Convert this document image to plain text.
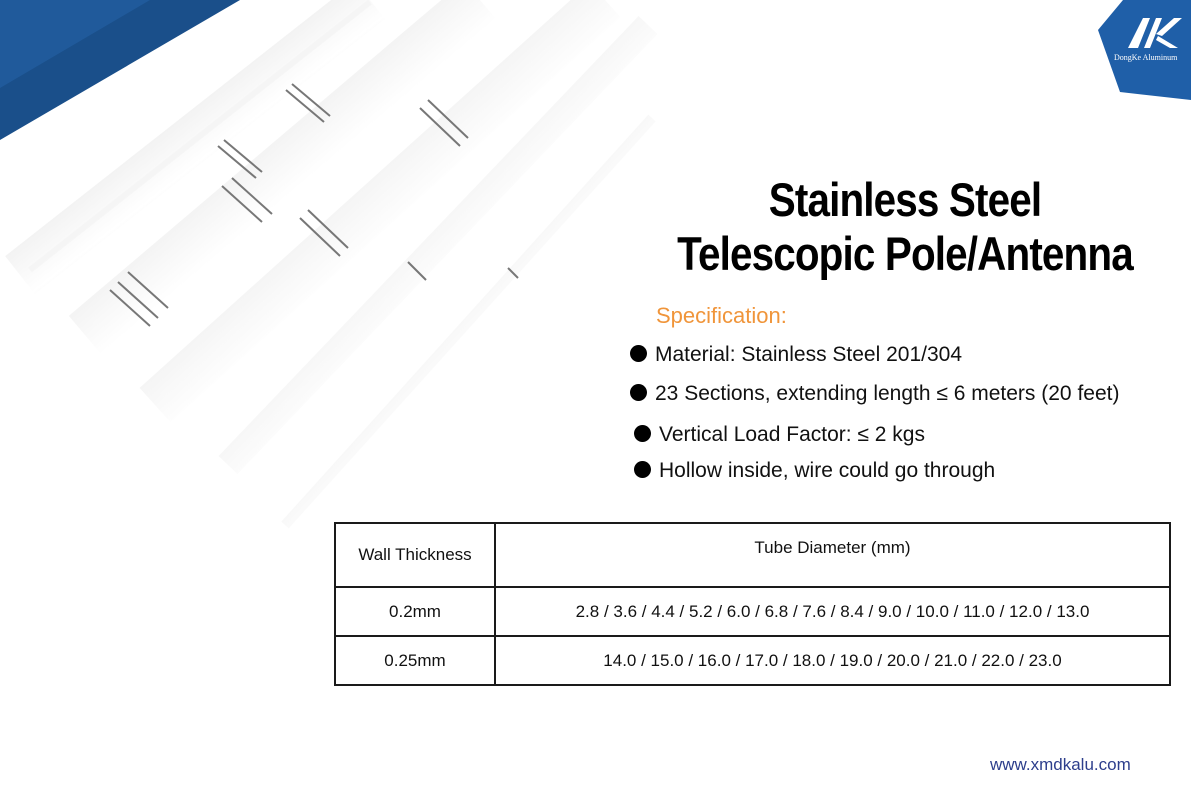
DongKe Aluminum
Stainless Steel
Telescopic Pole/Antenna
Specification:
Material: Stainless Steel 201/304
23 Sections, extending length ≤ 6 meters (20 feet)
Vertical Load Factor: ≤ 2 kgs
Hollow inside, wire could go through
Wall Thickness	Tube Diameter (mm)
0.2mm	2.8 / 3.6 / 4.4 / 5.2 / 6.0 / 6.8 / 7.6 / 8.4 / 9.0 / 10.0 / 11.0 / 12.0 / 13.0
0.25mm	14.0 / 15.0 / 16.0 / 17.0 / 18.0 / 19.0 / 20.0 / 21.0 / 22.0 / 23.0
www.xmdkalu.com
